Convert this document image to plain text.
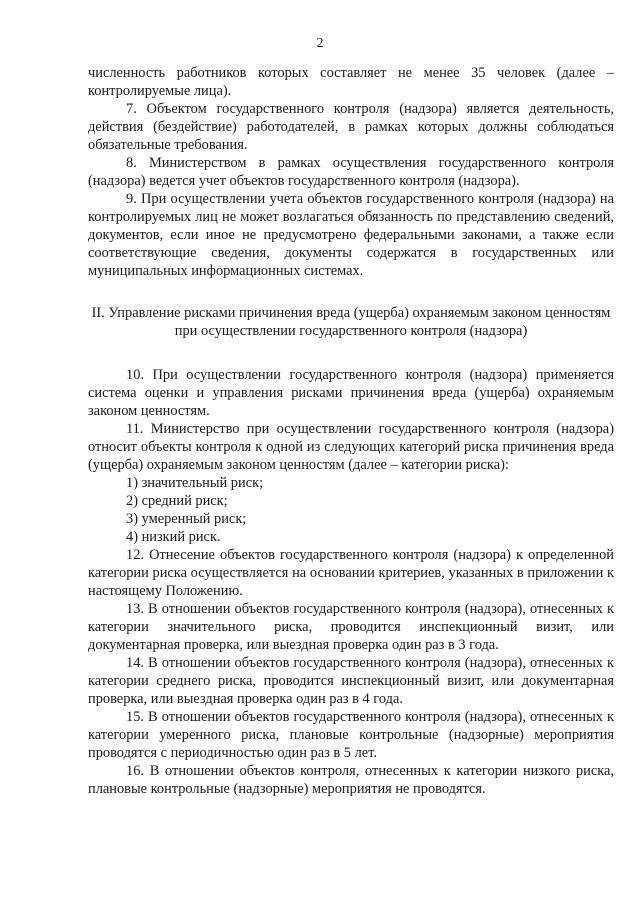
2

численность работников которых составляет не менее 35 человек (далее – контролируемые лица).

7. Объектом государственного контроля (надзора) является деятельность, действия (бездействие) работодателей, в рамках которых должны соблюдаться обязательные требования.

8. Министерством в рамках осуществления государственного контроля (надзора) ведется учет объектов государственного контроля (надзора).

9. При осуществлении учета объектов государственного контроля (надзора) на контролируемых лиц не может возлагаться обязанность по представлению сведений, документов, если иное не предусмотрено федеральными законами, а также если соответствующие сведения, документы содержатся в государственных или муниципальных информационных системах.

II. Управление рисками причинения вреда (ущерба) охраняемым законом ценностям при осуществлении государственного контроля (надзора)

10. При осуществлении государственного контроля (надзора) применяется система оценки и управления рисками причинения вреда (ущерба) охраняемым законом ценностям.

11. Министерство при осуществлении государственного контроля (надзора) относит объекты контроля к одной из следующих категорий риска причинения вреда (ущерба) охраняемым законом ценностям (далее – категории риска):

1) значительный риск;

2) средний риск;

3) умеренный риск;

4) низкий риск.

12. Отнесение объектов государственного контроля (надзора) к определенной категории риска осуществляется на основании критериев, указанных в приложении к настоящему Положению.

13. В отношении объектов государственного контроля (надзора), отнесенных к категории значительного риска, проводится инспекционный визит, или документарная проверка, или выездная проверка один раз в 3 года.

14. В отношении объектов государственного контроля (надзора), отнесенных к категории среднего риска, проводится инспекционный визит, или документарная проверка, или выездная проверка один раз в 4 года.

15. В отношении объектов государственного контроля (надзора), отнесенных к категории умеренного риска, плановые контрольные (надзорные) мероприятия проводятся с периодичностью один раз в 5 лет.

16. В отношении объектов контроля, отнесенных к категории низкого риска, плановые контрольные (надзорные) мероприятия не проводятся.
